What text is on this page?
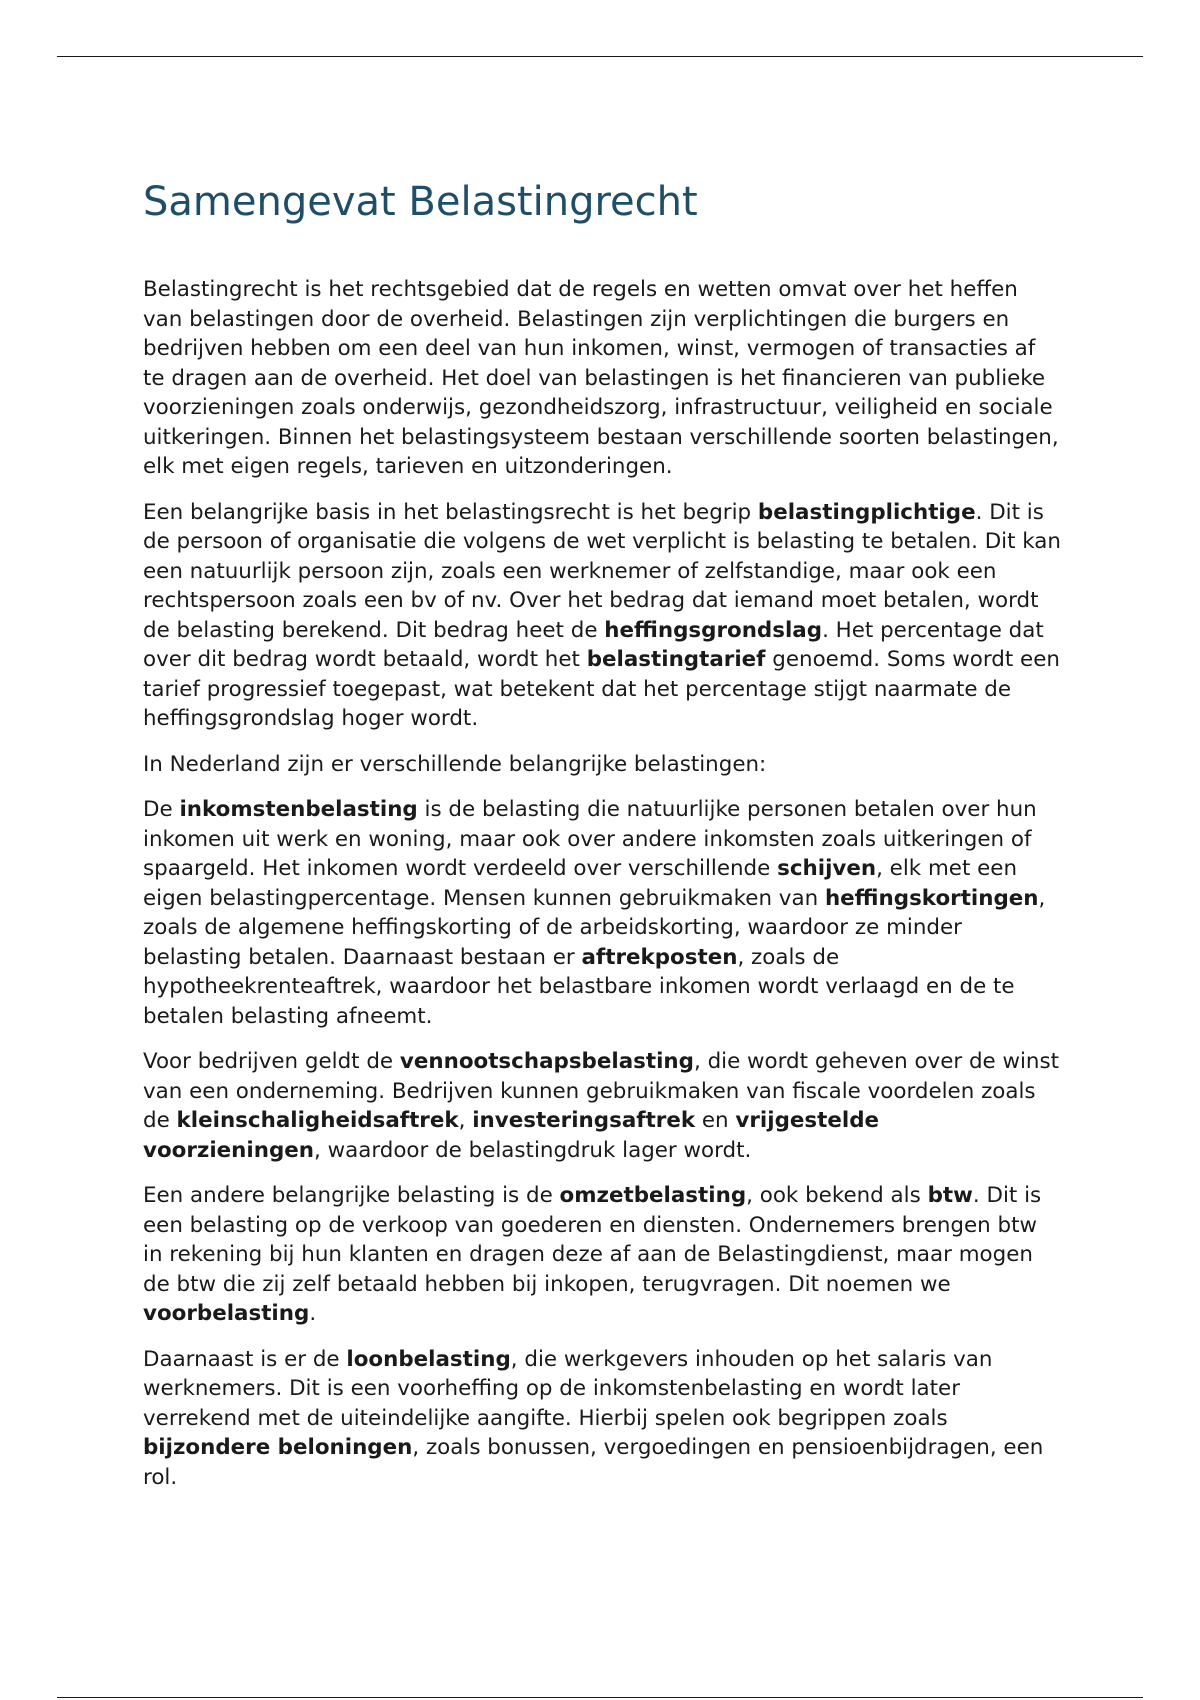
Samengevat Belastingrecht

Belastingrecht is het rechtsgebied dat de regels en wetten omvat over het heffen van belastingen door de overheid. Belastingen zijn verplichtingen die burgers en bedrijven hebben om een deel van hun inkomen, winst, vermogen of transacties af te dragen aan de overheid. Het doel van belastingen is het financieren van publieke voorzieningen zoals onderwijs, gezondheidszorg, infrastructuur, veiligheid en sociale uitkeringen. Binnen het belastingsysteem bestaan verschillende soorten belastingen, elk met eigen regels, tarieven en uitzonderingen.

Een belangrijke basis in het belastingsrecht is het begrip belastingplichtige. Dit is de persoon of organisatie die volgens de wet verplicht is belasting te betalen. Dit kan een natuurlijk persoon zijn, zoals een werknemer of zelfstandige, maar ook een rechtspersoon zoals een bv of nv. Over het bedrag dat iemand moet betalen, wordt de belasting berekend. Dit bedrag heet de heffingsgrondslag. Het percentage dat over dit bedrag wordt betaald, wordt het belastingtarief genoemd. Soms wordt een tarief progressief toegepast, wat betekent dat het percentage stijgt naarmate de heffingsgrondslag hoger wordt.

In Nederland zijn er verschillende belangrijke belastingen:

De inkomstenbelasting is de belasting die natuurlijke personen betalen over hun inkomen uit werk en woning, maar ook over andere inkomsten zoals uitkeringen of spaargeld. Het inkomen wordt verdeeld over verschillende schijven, elk met een eigen belastingpercentage. Mensen kunnen gebruikmaken van heffingskortingen, zoals de algemene heffingskorting of de arbeidskorting, waardoor ze minder belasting betalen. Daarnaast bestaan er aftrekposten, zoals de hypotheekrenteaftrek, waardoor het belastbare inkomen wordt verlaagd en de te betalen belasting afneemt.

Voor bedrijven geldt de vennootschapsbelasting, die wordt geheven over de winst van een onderneming. Bedrijven kunnen gebruikmaken van fiscale voordelen zoals de kleinschaligheidsaftrek, investeringsaftrek en vrijgestelde voorzieningen, waardoor de belastingdruk lager wordt.

Een andere belangrijke belasting is de omzetbelasting, ook bekend als btw. Dit is een belasting op de verkoop van goederen en diensten. Ondernemers brengen btw in rekening bij hun klanten en dragen deze af aan de Belastingdienst, maar mogen de btw die zij zelf betaald hebben bij inkopen, terugvragen. Dit noemen we voorbelasting.

Daarnaast is er de loonbelasting, die werkgevers inhouden op het salaris van werknemers. Dit is een voorheffing op de inkomstenbelasting en wordt later verrekend met de uiteindelijke aangifte. Hierbij spelen ook begrippen zoals bijzondere beloningen, zoals bonussen, vergoedingen en pensioenbijdragen, een rol.
